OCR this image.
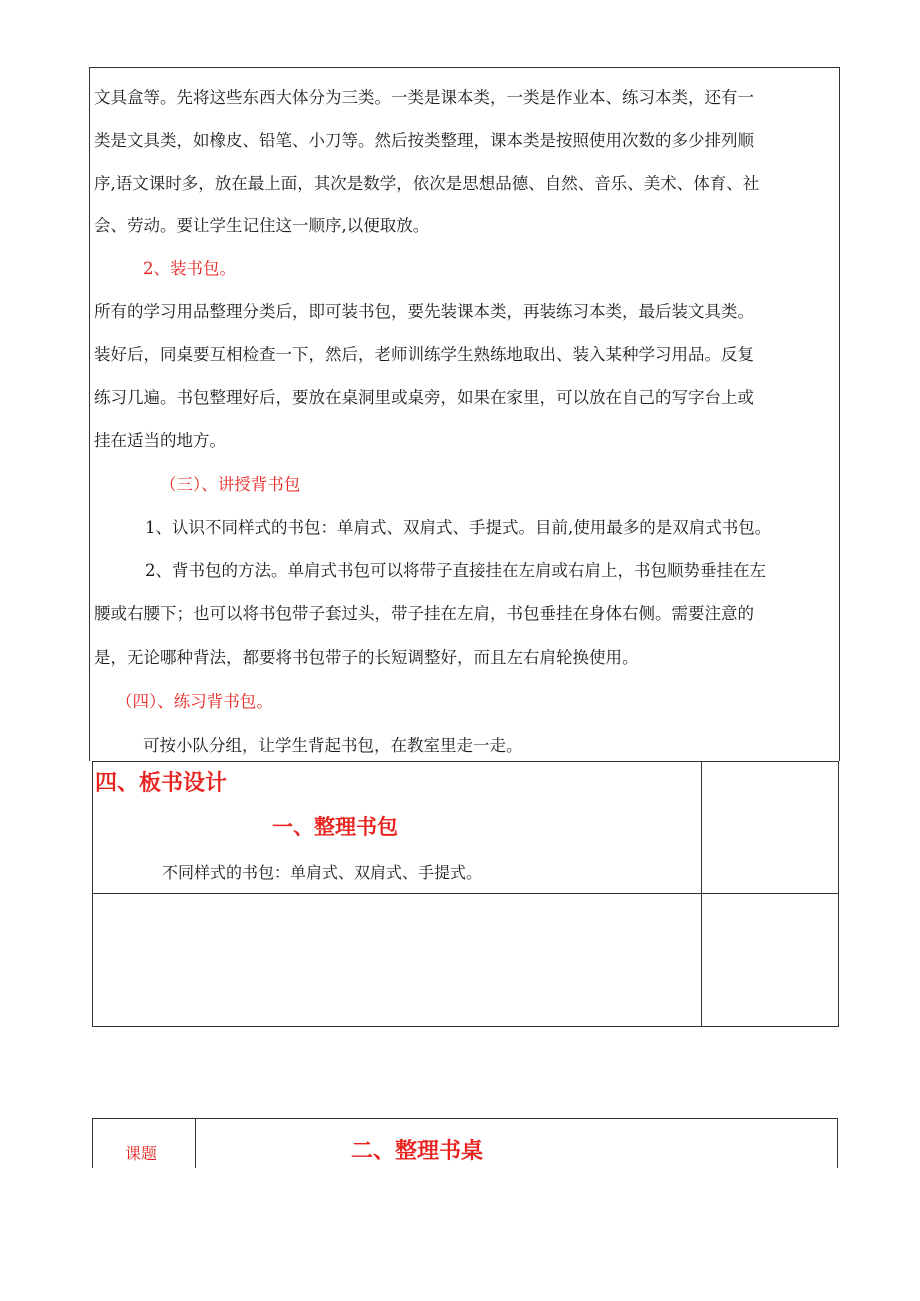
文具盒等。先将这些东西大体分为三类。一类是课本类，一类是作业本、练习本类，还有一
类是文具类，如橡皮、铅笔、小刀等。然后按类整理，课本类是按照使用次数的多少排列顺
序,语文课时多，放在最上面，其次是数学，依次是思想品德、自然、音乐、美术、体育、社
会、劳动。要让学生记住这一顺序,以便取放。
2、装书包。
所有的学习用品整理分类后，即可装书包，要先装课本类，再装练习本类，最后装文具类。
装好后，同桌要互相检查一下，然后，老师训练学生熟练地取出、装入某种学习用品。反复
练习几遍。书包整理好后，要放在桌洞里或桌旁，如果在家里，可以放在自己的写字台上或
挂在适当的地方。
（三）、讲授背书包
1、认识不同样式的书包：单肩式、双肩式、手提式。目前,使用最多的是双肩式书包。
2、背书包的方法。单肩式书包可以将带子直接挂在左肩或右肩上，书包顺势垂挂在左
腰或右腰下；也可以将书包带子套过头，带子挂在左肩，书包垂挂在身体右侧。需要注意的
是，无论哪种背法，都要将书包带子的长短调整好，而且左右肩轮换使用。
（四）、练习背书包。
可按小队分组，让学生背起书包，在教室里走一走。
四、板书设计
一、整理书包
不同样式的书包：单肩式、双肩式、手提式。
课题	二、整理书桌
